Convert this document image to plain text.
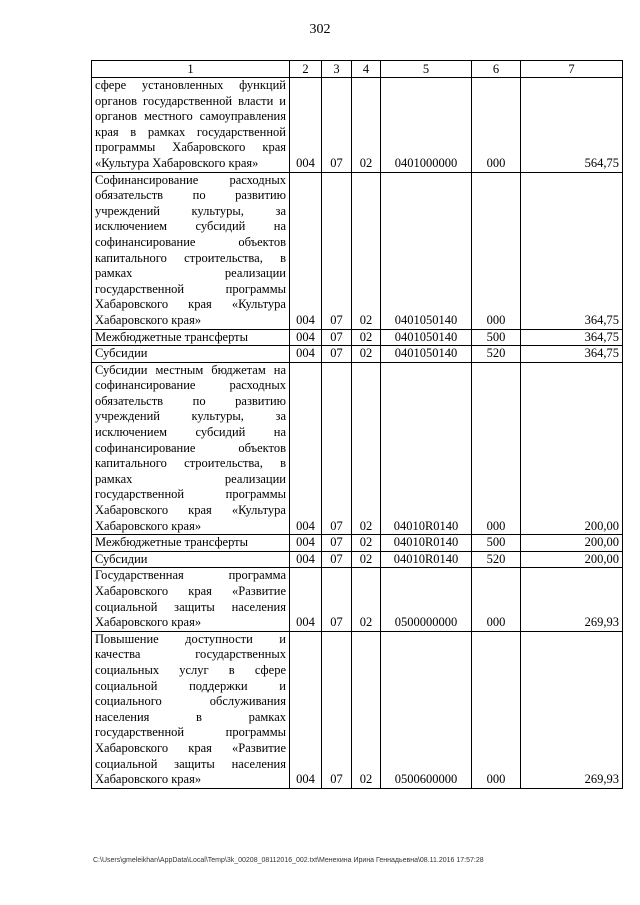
302
1	2	3	4	5	6	7
сфере установленных функций органов государственной власти и органов местного самоуправления края в рамках государственной программы Хабаровского края «Культура Хабаровского края»	004	07	02	0401000000	000	564,75
Софинансирование расходных обязательств по развитию учреждений культуры, за исключением субсидий на софинансирование объектов капитального строительства, в рамках реализации государственной программы Хабаровского края «Культура Хабаровского края»	004	07	02	0401050140	000	364,75
Межбюджетные трансферты	004	07	02	0401050140	500	364,75
Субсидии	004	07	02	0401050140	520	364,75
Субсидии местным бюджетам на софинансирование расходных обязательств по развитию учреждений культуры, за исключением субсидий на софинансирование объектов капитального строительства, в рамках реализации государственной программы Хабаровского края «Культура Хабаровского края»	004	07	02	04010R0140	000	200,00
Межбюджетные трансферты	004	07	02	04010R0140	500	200,00
Субсидии	004	07	02	04010R0140	520	200,00
Государственная программа Хабаровского края «Развитие социальной защиты населения Хабаровского края»	004	07	02	0500000000	000	269,93
Повышение доступности и качества государственных социальных услуг в сфере социальной поддержки и социального обслуживания населения в рамках государственной программы Хабаровского края «Развитие социальной защиты населения Хабаровского края»	004	07	02	0500600000	000	269,93
C:\Users\gmeleikhan\AppData\Local\Temp\3k_00208_08112016_002.txt\Менехина Ирина Геннадьевна\08.11.2016 17:57:28
